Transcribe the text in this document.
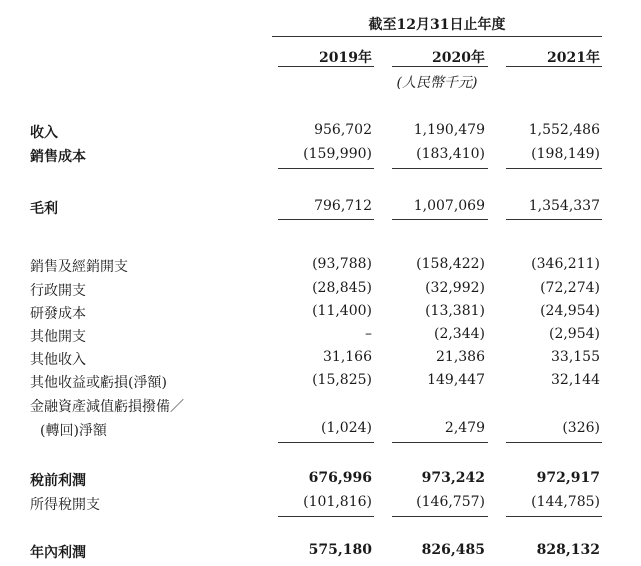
截至12月31日止年度
2019年	2020年	2021年
(人民幣千元)
收入	956,702	1,190,479	1,552,486
銷售成本	(159,990)	(183,410)	(198,149)
毛利	796,712	1,007,069	1,354,337
銷售及經銷開支	(93,788)	(158,422)	(346,211)
行政開支	(28,845)	(32,992)	(72,274)
研發成本	(11,400)	(13,381)	(24,954)
其他開支	–	(2,344)	(2,954)
其他收入	31,166	21,386	33,155
其他收益或虧損(淨額)	(15,825)	149,447	32,144
金融資產減值虧損撥備／
(轉回)淨額	(1,024)	2,479	(326)
稅前利潤	676,996	973,242	972,917
所得稅開支	(101,816)	(146,757)	(144,785)
年內利潤	575,180	826,485	828,132
